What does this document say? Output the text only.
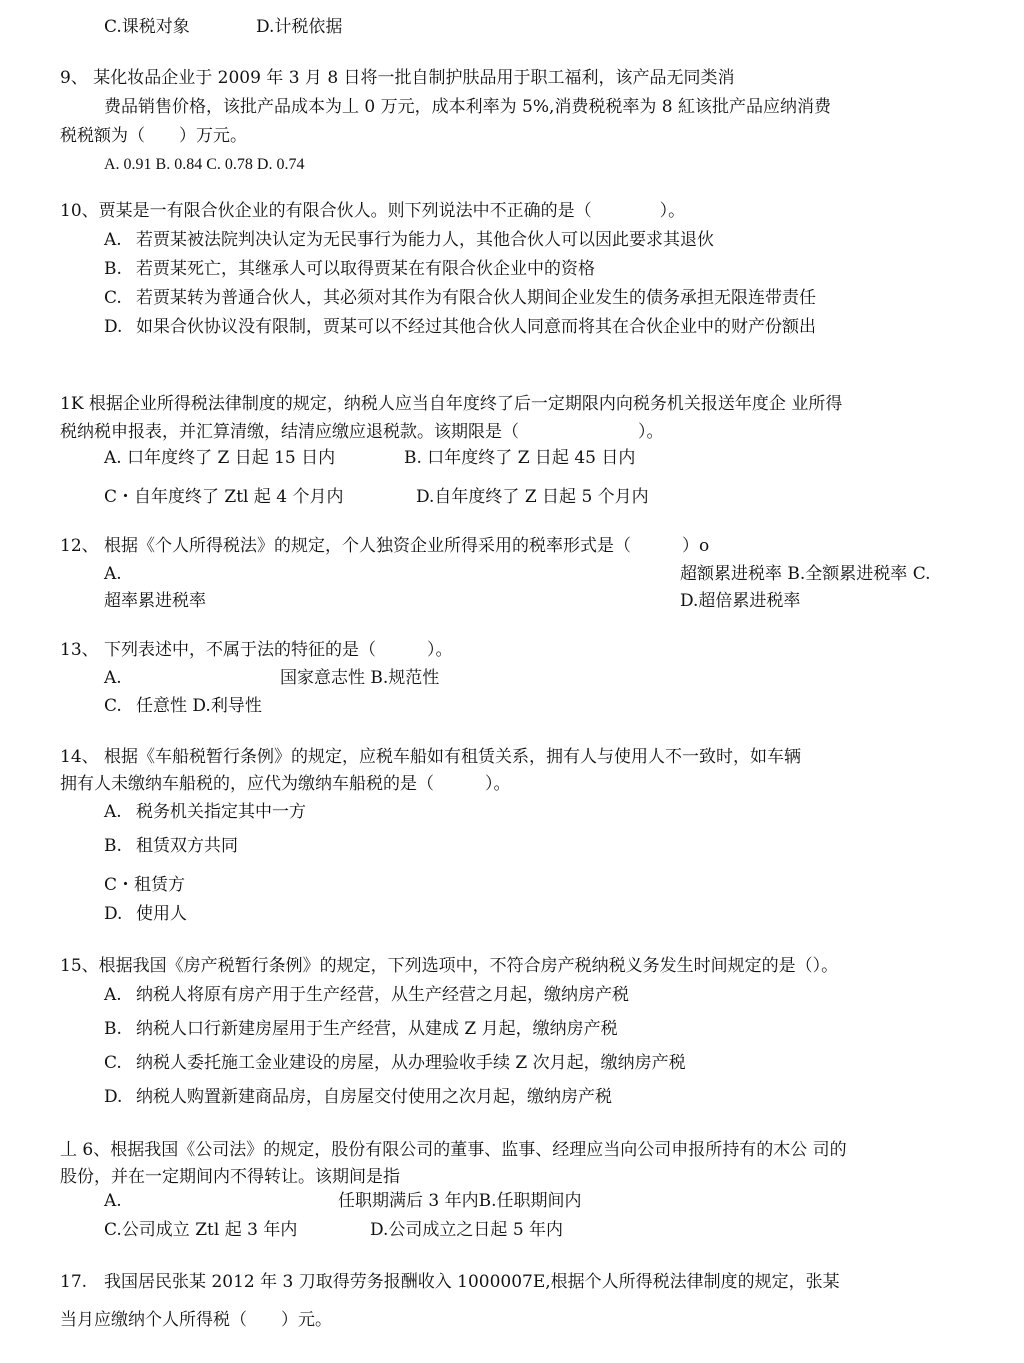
C.课税对象	D.计税依据
9、 某化妆品企业于 2009 年 3 月 8 日将一批自制护肤品用于职工福利，该产品无同类消
费品销售价格，该批产品成本为丄 0 万元，成本利率为 5%,消费税税率为 8 紅该批产品应纳消费
税税额为（　　）万元。
A. 0.91 B. 0.84 C. 0.78 D. 0.74
10、贾某是一有限合伙企业的有限合伙人。则下列说法中不正确的是（　　　　）。
A. 若贾某被法院判决认定为无民事行为能力人，其他合伙人可以因此要求其退伙
B. 若贾某死亡，其继承人可以取得贾某在有限合伙企业中的资格
C. 若贾某转为普通合伙人，其必须对其作为有限合伙人期间企业发生的债务承担无限连带责任
D. 如果合伙协议没有限制，贾某可以不经过其他合伙人同意而将其在合伙企业中的财产份额出
1K 根据企业所得税法律制度的规定，纳税人应当自年度终了后一定期限内向税务机关报送年度企 业所得
税纳税申报表，并汇算清缴，结清应缴应退税款。该期限是（　　　　　　　）。
A. 口年度终了 Z 日起 15 日内	B. 口年度终了 Z 日起 45 日内
C・自年度终了 Ztl 起 4 个月内	D.自年度终了 Z 日起 5 个月内
12、 根据《个人所得税法》的规定，个人独资企业所得采用的税率形式是（　　　）o
A.	超额累进税率 B.全额累进税率 C.
超率累进税率	D.超倍累进税率
13、 下列表述中，不属于法的特征的是（　　　）。
A.	国家意志性 B.规范性
C. 任意性 D.利导性
14、 根据《车船税暂行条例》的规定，应税车船如有租赁关系，拥有人与使用人不一致时，如车辆
拥有人未缴纳车船税的，应代为缴纳车船税的是（　　　）。
A. 税务机关指定其中一方
B. 租赁双方共同
C・租赁方
D. 使用人
15、根据我国《房产税暂行条例》的规定，下列选项中，不符合房产税纳税义务发生时间规定的是（）。
A. 纳税人将原有房产用于生产经营，从生产经营之月起，缴纳房产税
B. 纳税人口行新建房屋用于生产经营，从建成 Z 月起，缴纳房产税
C. 纳税人委托施工金业建设的房屋，从办理验收手续 Z 次月起，缴纳房产税
D. 纳税人购置新建商品房，自房屋交付使用之次月起，缴纳房产税
丄 6、根据我国《公司法》的规定，股份有限公司的董事、监事、经理应当向公司申报所持有的木公 司的
股份，并在一定期间内不得转让。该期间是指
A.	任职期满后 3 年内B.任职期间内
C.公司成立 Ztl 起 3 年内	D.公司成立之日起 5 年内
17.　我国居民张某 2012 年 3 刀取得劳务报酬收入 1000007E,根据个人所得税法律制度的规定，张某
当月应缴纳个人所得税（　　）元。
